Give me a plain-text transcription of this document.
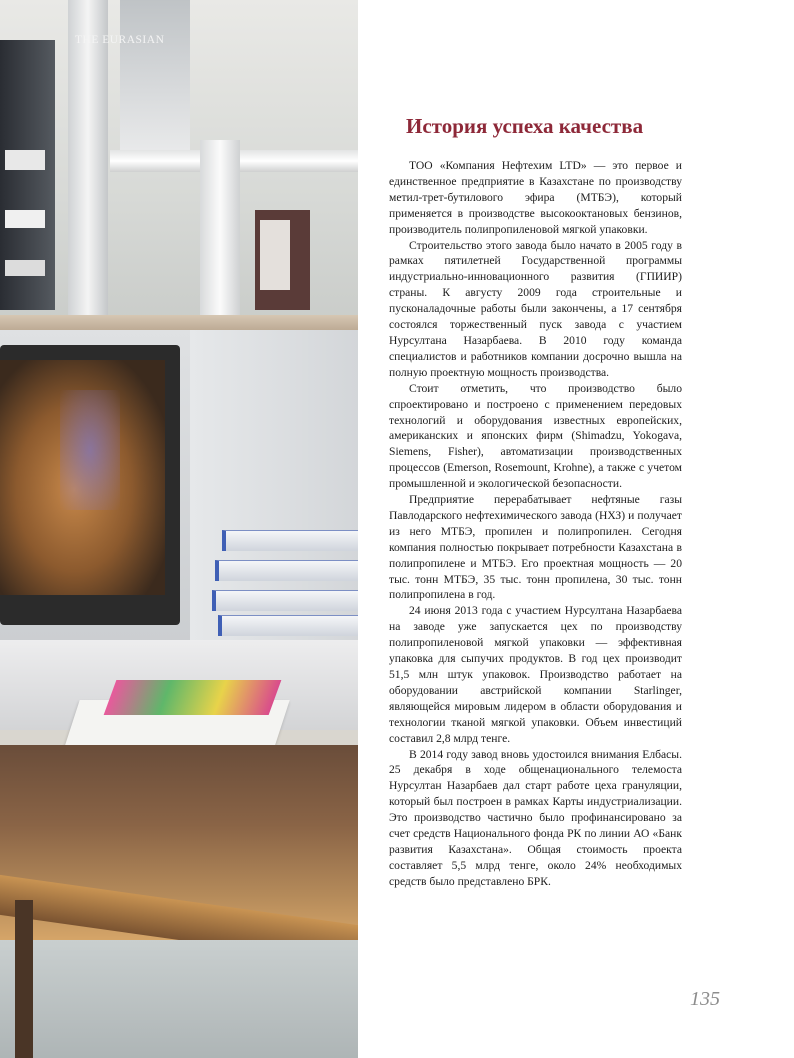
THE EURASIAN
История успеха качества

ТОО «Компания Нефтехим LTD» — это первое и единственное предприятие в Казахстане по производству метил-трет-бутилового эфира (МТБЭ), который применяется в производстве высокооктановых бензинов, производитель полипропиленовой мягкой упаковки.

Строительство этого завода было начато в 2005 году в рамках пятилетней Государственной программы индустриально-инновационного развития (ГПИИР) страны. К августу 2009 года строительные и пусконаладочные работы были закончены, а 17 сентября состоялся торжественный пуск завода с участием Нурсултана Назарбаева. В 2010 году команда специалистов и работников компании досрочно вышла на полную проектную мощность производства.

Стоит отметить, что производство было спроектировано и построено с применением передовых технологий и оборудования известных европейских, американских и японских фирм (Shimadzu, Yokogava, Siemens, Fisher), автоматизации производственных процессов (Emerson, Rosemount, Krohne), а также с учетом промышленной и экологической безопасности.

Предприятие перерабатывает нефтяные газы Павлодарского нефтехимического завода (НХЗ) и получает из него МТБЭ, пропилен и полипропилен. Сегодня компания полностью покрывает потребности Казахстана в полипропилене и МТБЭ. Его проектная мощность — 20 тыс. тонн МТБЭ, 35 тыс. тонн пропилена, 30 тыс. тонн полипропилена в год.

24 июня 2013 года с участием Нурсултана Назарбаева на заводе уже запускается цех по производству полипропиленовой мягкой упаковки — эффективная упаковка для сыпучих продуктов. В год цех производит 51,5 млн штук упаковок. Производство работает на оборудовании австрийской компании Starlinger, являющейся мировым лидером в области оборудования и технологии тканой мягкой упаковки. Объем инвестиций составил 2,8 млрд тенге.

В 2014 году завод вновь удостоился внимания Елбасы. 25 декабря в ходе общенационального телемоста Нурсултан Назарбаев дал старт работе цеха грануляции, который был построен в рамках Карты индустриализации. Это производство частично было профинансировано за счет средств Национального фонда РК по линии АО «Банк развития Казахстана». Общая стоимость проекта составляет 5,5 млрд тенге, около 24% необходимых средств было представлено БРК.

135
